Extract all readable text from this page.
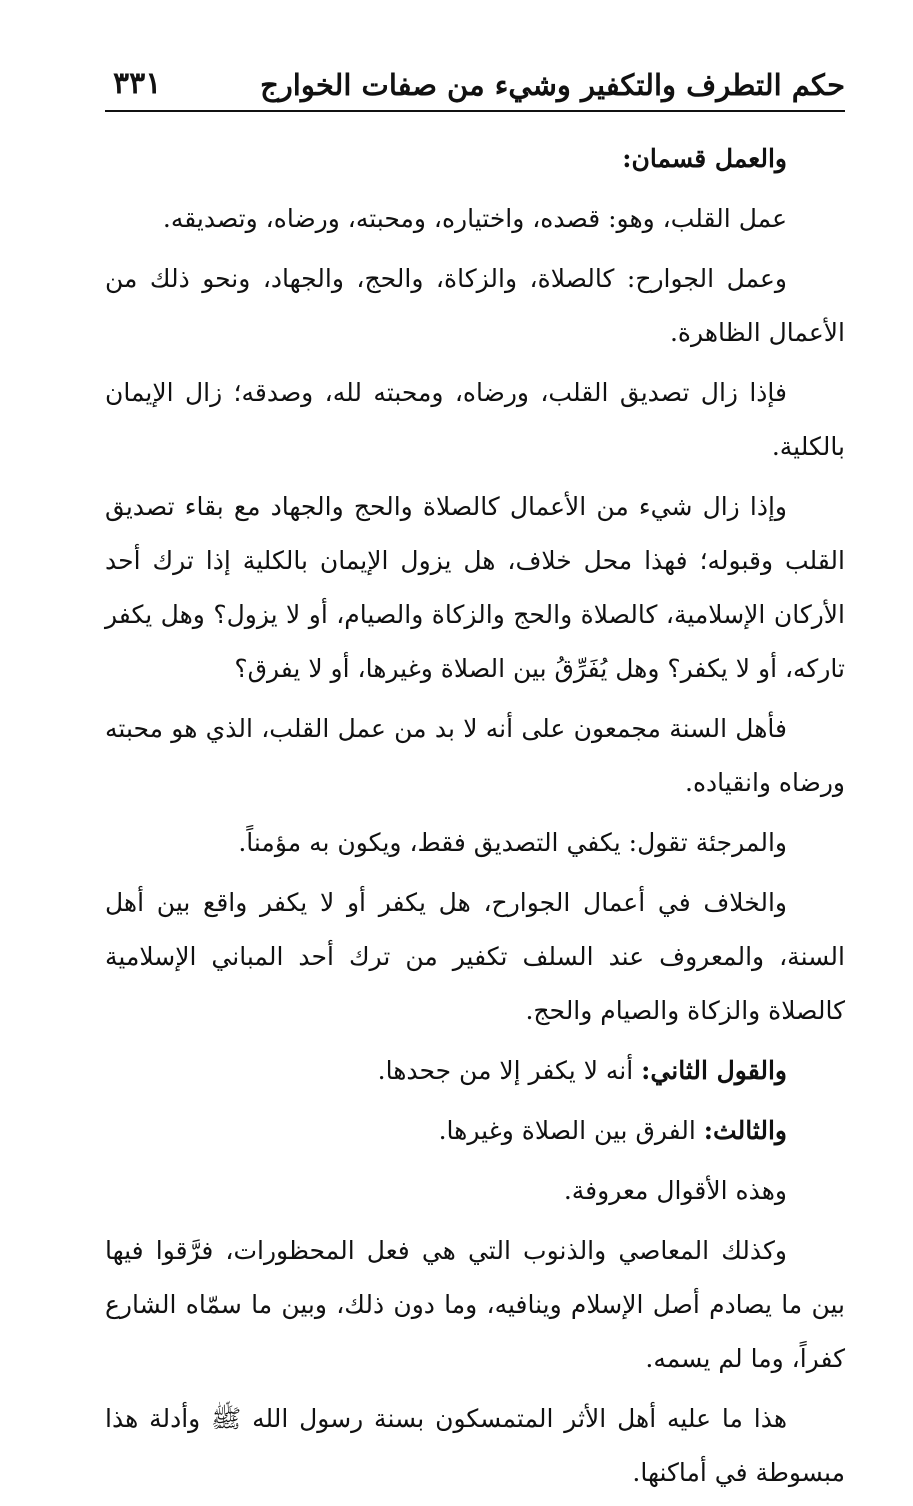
حكم التطرف والتكفير وشيء من صفات الخوارج
٣٣١

والعمل قسمان:

عمل القلب، وهو: قصده، واختياره، ومحبته، ورضاه، وتصديقه.

وعمل الجوارح: كالصلاة، والزكاة، والحج، والجهاد، ونحو ذلك من الأعمال الظاهرة.

فإذا زال تصديق القلب، ورضاه، ومحبته لله، وصدقه؛ زال الإيمان بالكلية.

وإذا زال شيء من الأعمال كالصلاة والحج والجهاد مع بقاء تصديق القلب وقبوله؛ فهذا محل خلاف، هل يزول الإيمان بالكلية إذا ترك أحد الأركان الإسلامية، كالصلاة والحج والزكاة والصيام، أو لا يزول؟ وهل يكفر تاركه، أو لا يكفر؟ وهل يُفَرِّقُ بين الصلاة وغيرها، أو لا يفرق؟

فأهل السنة مجمعون على أنه لا بد من عمل القلب، الذي هو محبته ورضاه وانقياده.

والمرجئة تقول: يكفي التصديق فقط، ويكون به مؤمناً.

والخلاف في أعمال الجوارح، هل يكفر أو لا يكفر واقع بين أهل السنة، والمعروف عند السلف تكفير من ترك أحد المباني الإسلامية كالصلاة والزكاة والصيام والحج.

والقول الثاني: أنه لا يكفر إلا من جحدها.

والثالث: الفرق بين الصلاة وغيرها.

وهذه الأقوال معروفة.

وكذلك المعاصي والذنوب التي هي فعل المحظورات، فرَّقوا فيها بين ما يصادم أصل الإسلام وينافيه، وما دون ذلك، وبين ما سمّاه الشارع كفراً، وما لم يسمه.

هذا ما عليه أهل الأثر المتمسكون بسنة رسول الله ﷺ وأدلة هذا مبسوطة في أماكنها.
